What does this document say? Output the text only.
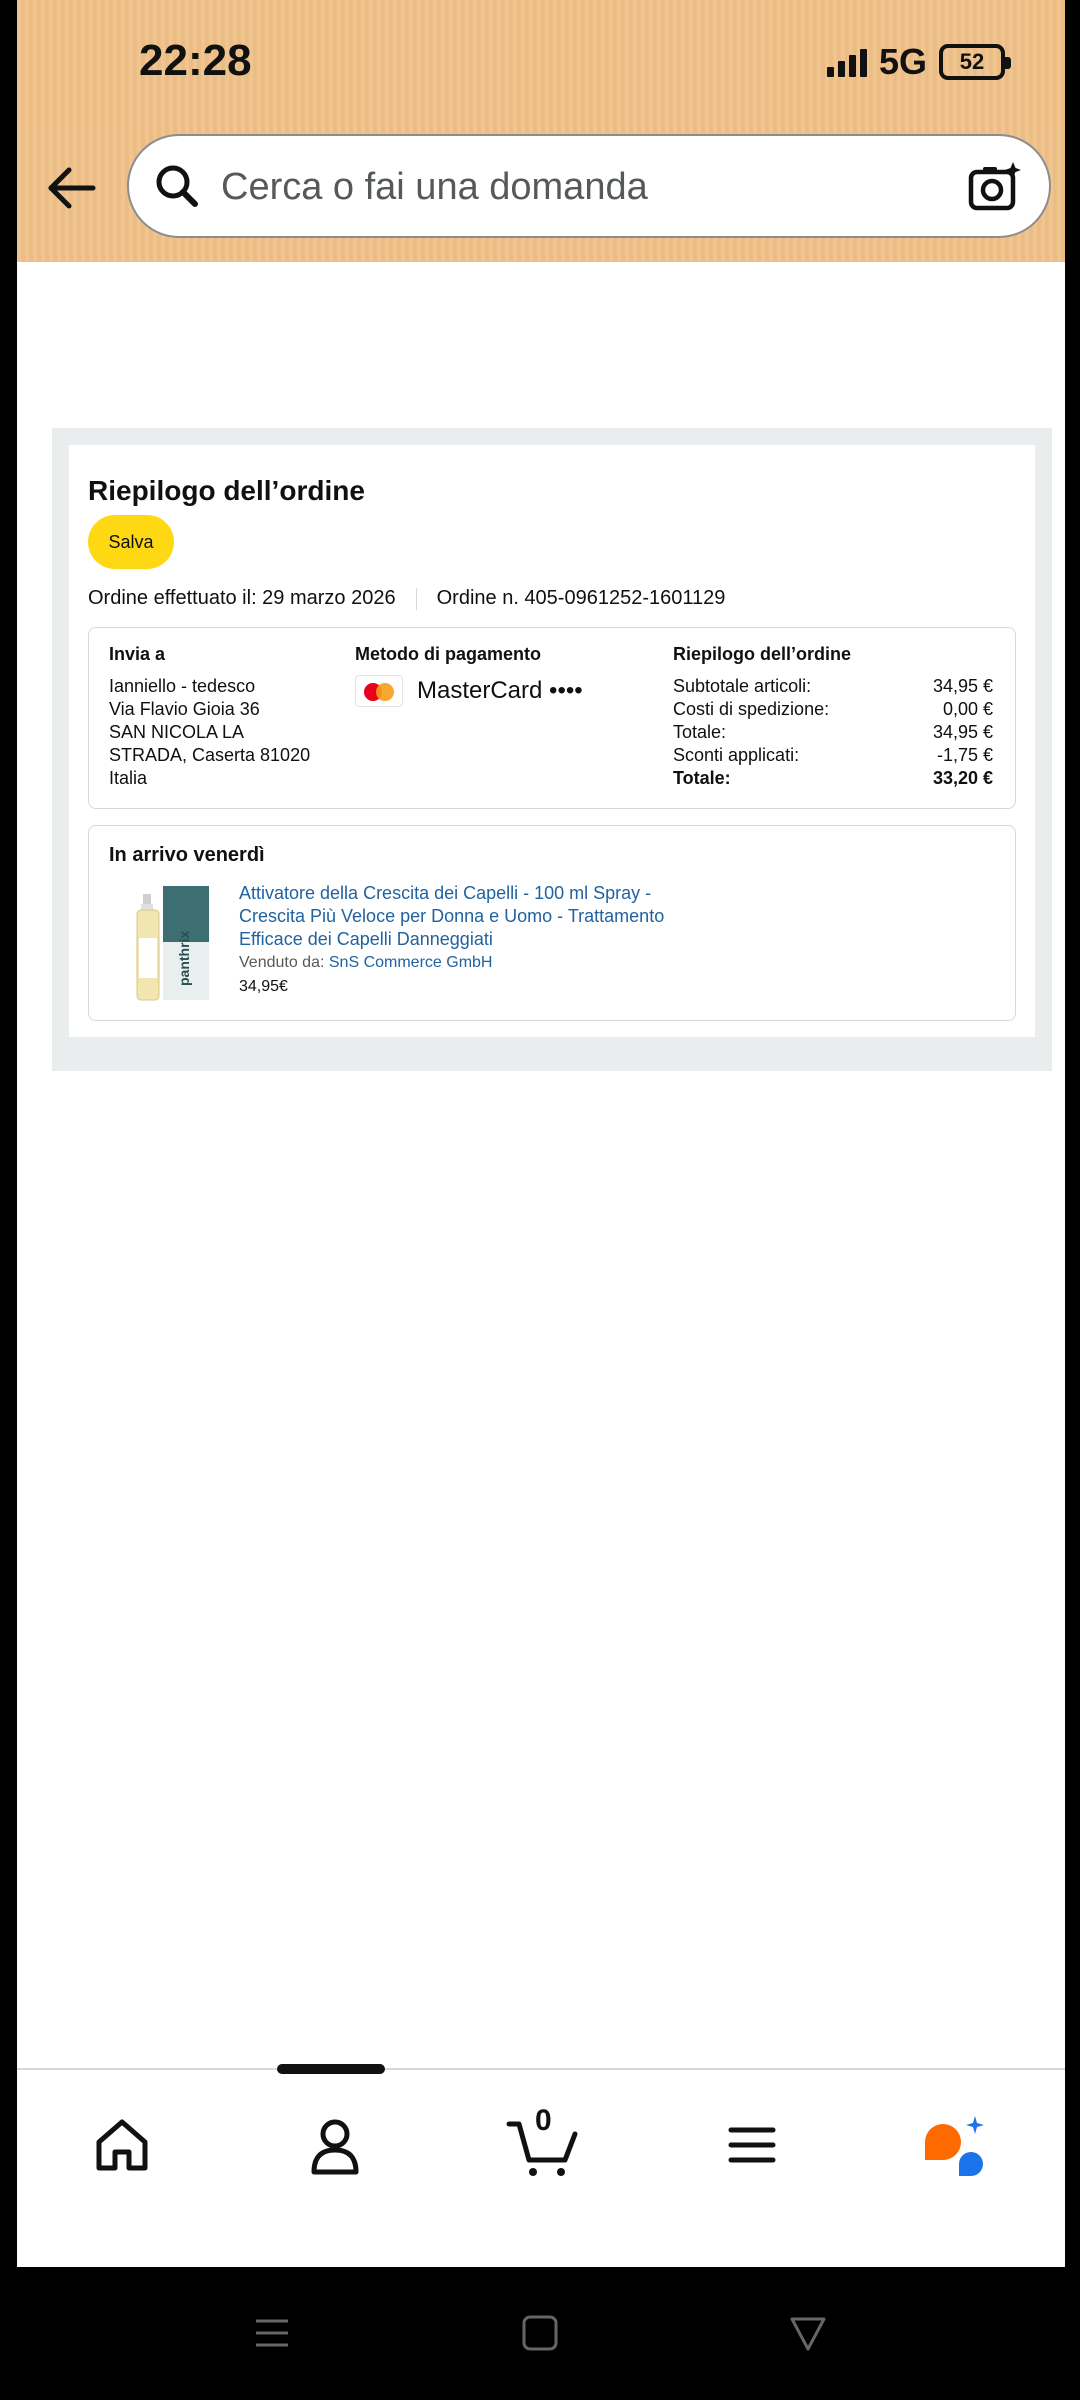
22:28	5G 52
Cerca o fai una domanda
Riepilogo dell’ordine
Salva
Ordine effettuato il: 29 marzo 2026 Ordine n. 405-0961252-1601129
Invia a
Ianniello - tedesco
Via Flavio Gioia 36
SAN NICOLA LA
STRADA, Caserta 81020
Italia
Metodo di pagamento
MasterCard ••••
Riepilogo dell’ordine
Subtotale articoli:	34,95 €
Costi di spedizione:	0,00 €
Totale:	34,95 €
Sconti applicati:	-1,75 €
Totale:	33,20 €
In arrivo venerdì
panthrix
Attivatore della Crescita dei Capelli - 100 ml Spray - Crescita Più Veloce per Donna e Uomo - Trattamento Efficace dei Capelli Danneggiati
Venduto da: SnS Commerce GmbH
34,95€
0
